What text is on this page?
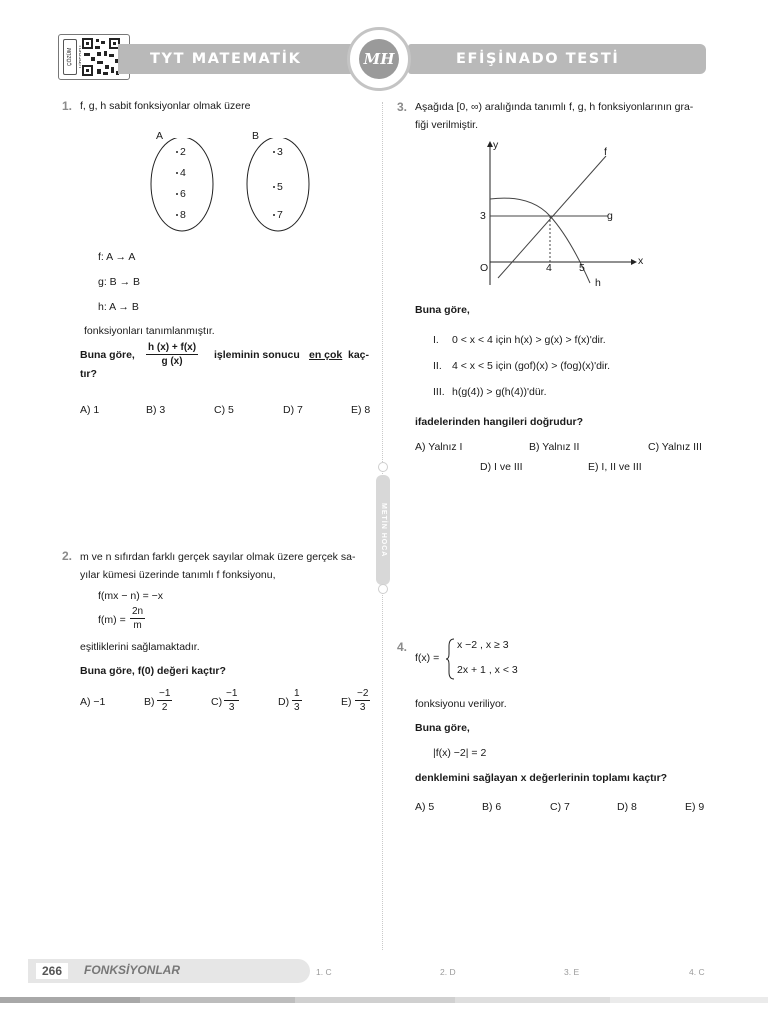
ÇÖZÜM	TYT MATEMATİK	EFİŞİNADO TESTİ
MH
METİN HOCA
1. f, g, h sabit fonksiyonlar olmak üzere
A	B
2
4
6
8
3
5
7
f: A → A
g: B → B
h: A → B
fonksiyonları tanımlanmıştır.
Buna göre, $\frac{h (x) + f(x)}{g (x)}$ işleminin sonucu en çok kaç-
tır?
A) 1	B) 3	C) 5	D) 7	E) 8
2. m ve n sıfırdan farklı gerçek sayılar olmak üzere gerçek sa-
yılar kümesi üzerinde tanımlı f fonksiyonu,
f(mx − n) = −x
$f(m) = \frac{2n}{m}$
eşitliklerini sağlamaktadır.
Buna göre, f(0) değeri kaçtır?
A) −1	$B) \frac{-1}{2}$	$C) \frac{-1}{3}$	$D) \frac{1}{3}$	$E) \frac{-2}{3}$
3. Aşağıda [0, ∞) aralığında tanımlı f, g, h fonksiyonlarının gra-
fiği verilmiştir.
y
x
O
f
g
h
3
4	5
Buna göre,
I. 0 < x < 4 için h(x) > g(x) > f(x)'dir.
II. 4 < x < 5 için (gof)(x) > (fog)(x)'dir.
III. h(g(4)) > g(h(4))'dür.
ifadelerinden hangileri doğrudur?
A) Yalnız I	B) Yalnız II	C) Yalnız III
D) I ve III	E) I, II ve III
4.
f(x) =
x −2 , x ≥ 3
2x + 1 , x < 3
fonksiyonu veriliyor.
Buna göre,
|f(x) −2| = 2
denklemini sağlayan x değerlerinin toplamı kaçtır?
A) 5	B) 6	C) 7	D) 8	E) 9
266	FONKSİYONLAR	1. C	2. D	3. E	4. C
